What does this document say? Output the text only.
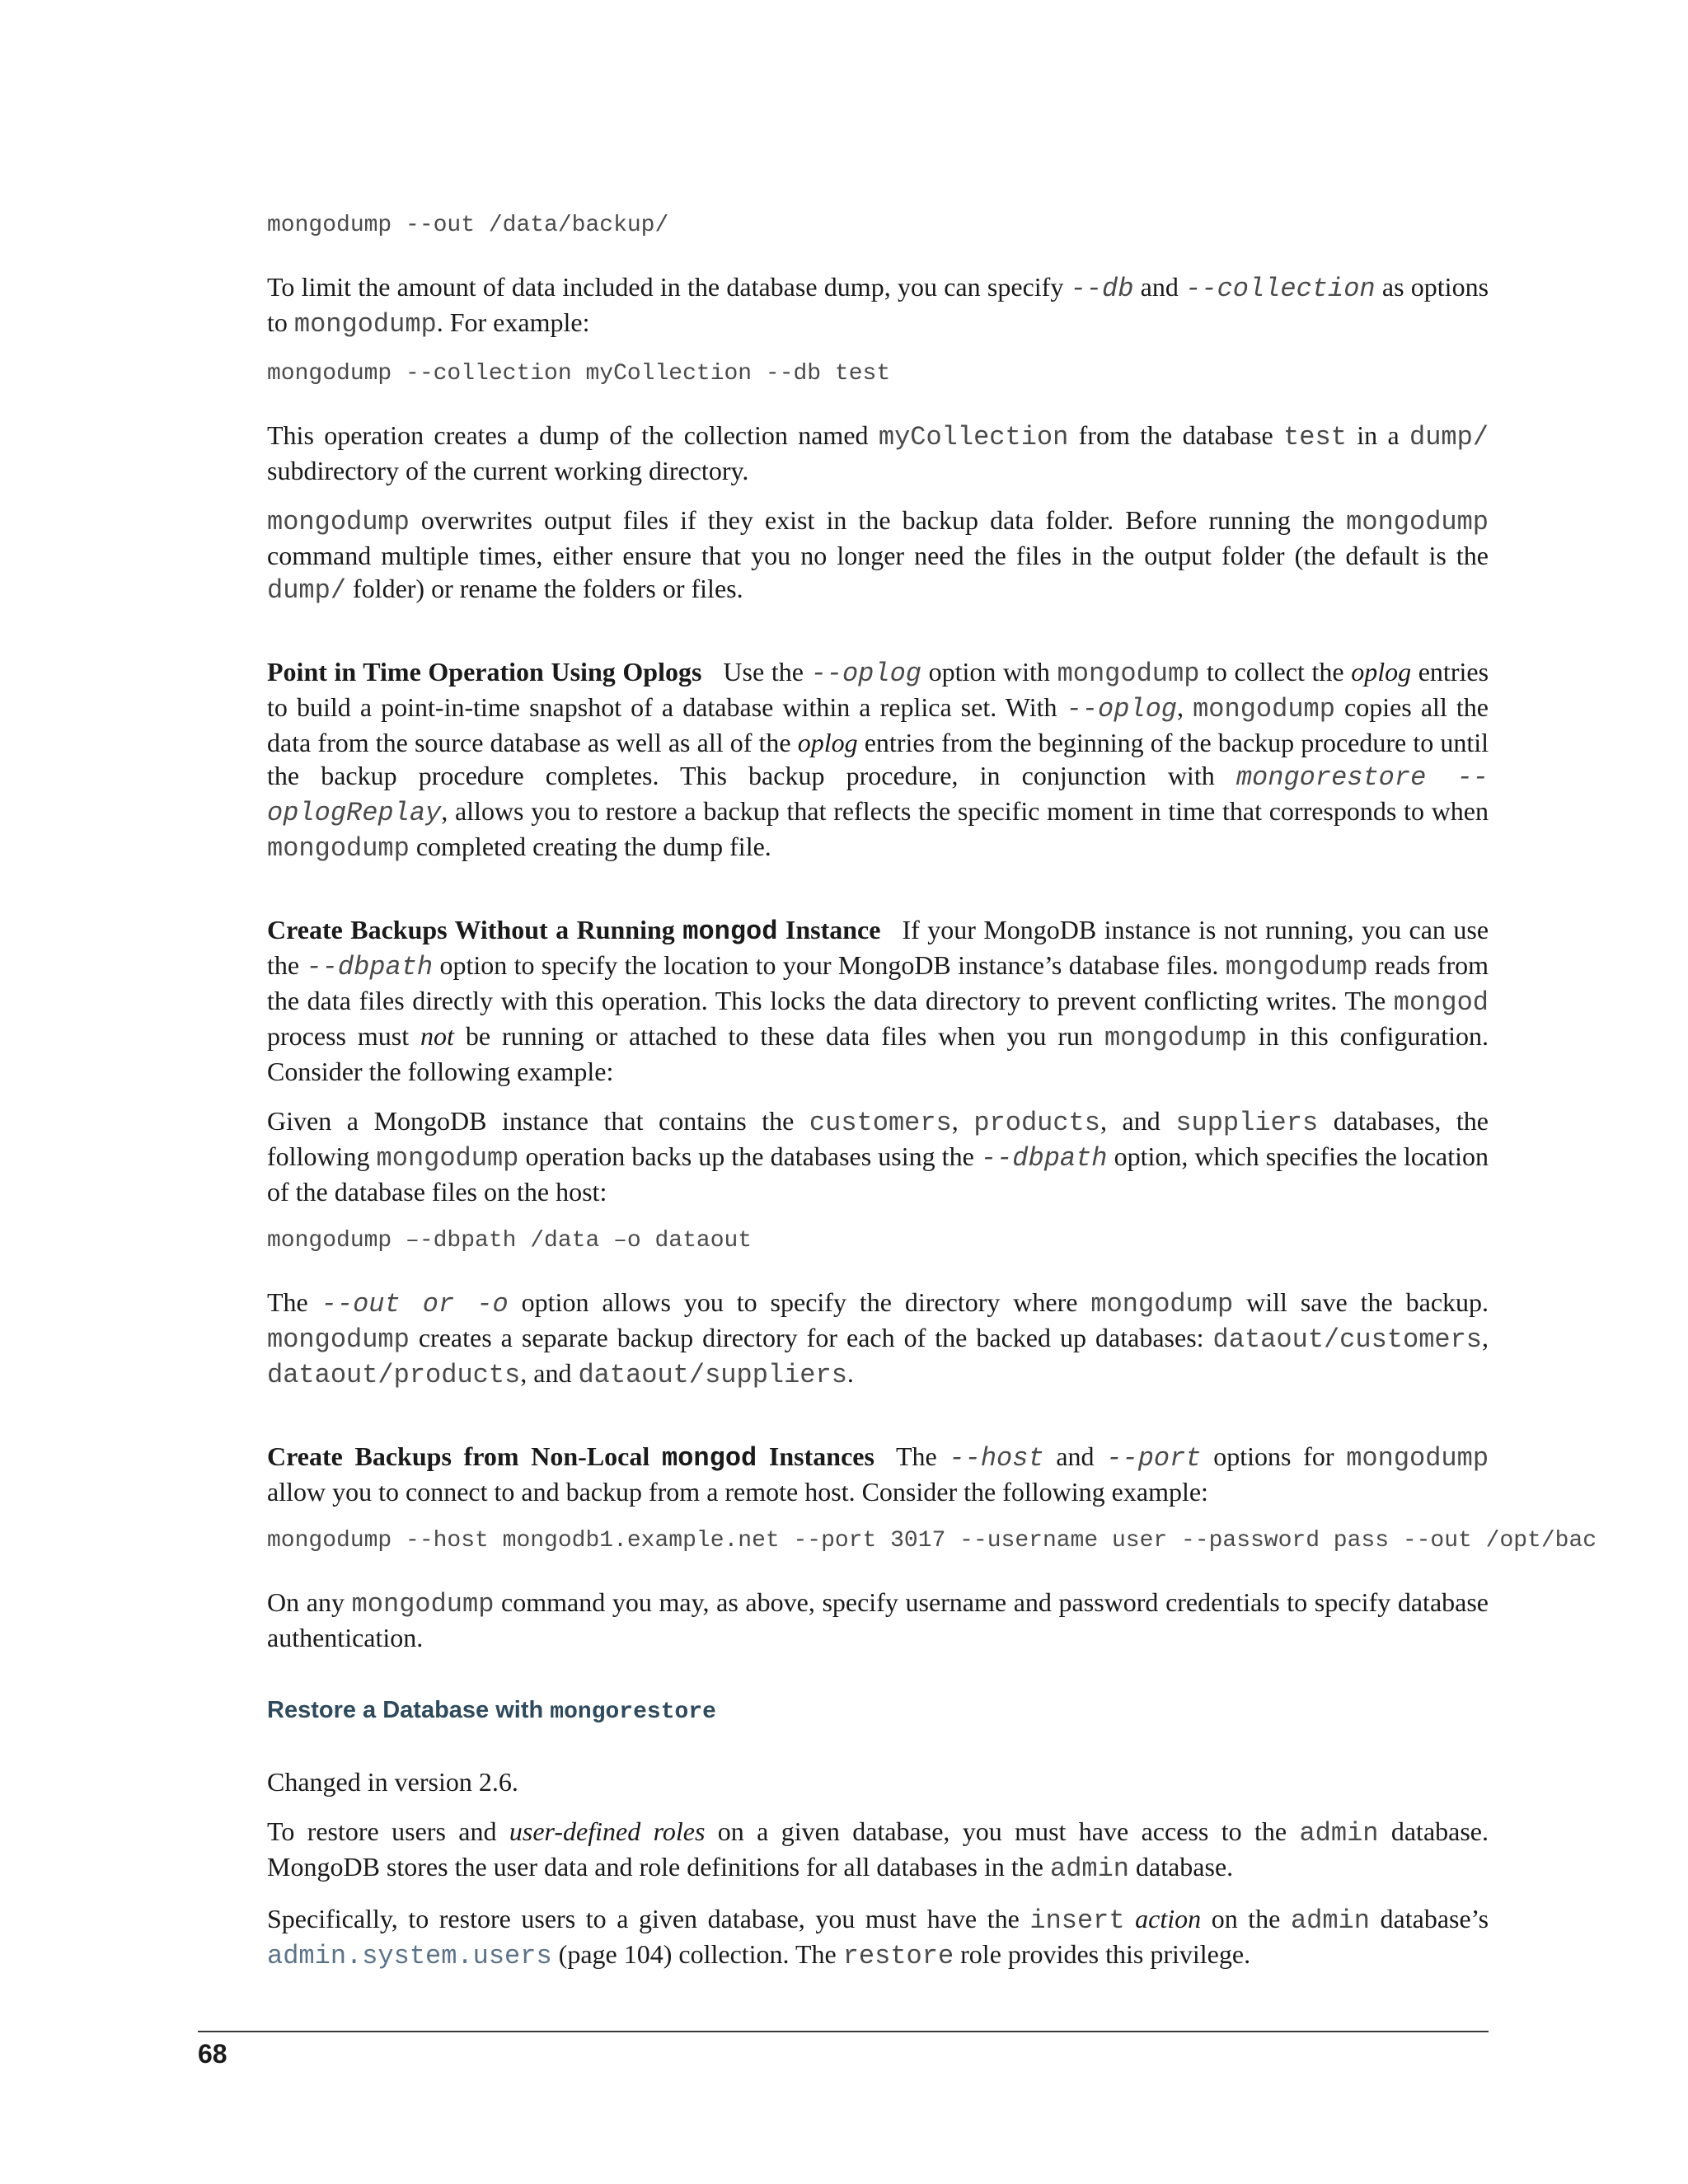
mongodump --out /data/backup/

To limit the amount of data included in the database dump, you can specify --db and --collection as options to mongodump. For example:

mongodump --collection myCollection --db test

This operation creates a dump of the collection named myCollection from the database test in a dump/ subdirectory of the current working directory.

mongodump overwrites output files if they exist in the backup data folder. Before running the mongodump command multiple times, either ensure that you no longer need the files in the output folder (the default is the dump/ folder) or rename the folders or files.

Point in Time Operation Using Oplogs Use the --oplog option with mongodump to collect the oplog entries to build a point-in-time snapshot of a database within a replica set. With --oplog, mongodump copies all the data from the source database as well as all of the oplog entries from the beginning of the backup procedure to until the backup procedure completes. This backup procedure, in conjunction with mongorestore --oplogReplay, allows you to restore a backup that reflects the specific moment in time that corresponds to when mongodump completed creating the dump file.

Create Backups Without a Running mongod Instance If your MongoDB instance is not running, you can use the --dbpath option to specify the location to your MongoDB instance’s database files. mongodump reads from the data files directly with this operation. This locks the data directory to prevent conflicting writes. The mongod process must not be running or attached to these data files when you run mongodump in this configuration. Consider the following example:

Given a MongoDB instance that contains the customers, products, and suppliers databases, the following mongodump operation backs up the databases using the --dbpath option, which specifies the location of the database files on the host:

mongodump –-dbpath /data –o dataout

The --out or -o option allows you to specify the directory where mongodump will save the backup. mongodump creates a separate backup directory for each of the backed up databases: dataout/customers, dataout/products, and dataout/suppliers.

Create Backups from Non-Local mongod Instances The --host and --port options for mongodump allow you to connect to and backup from a remote host. Consider the following example:

mongodump --host mongodb1.example.net --port 3017 --username user --password pass --out /opt/bac

On any mongodump command you may, as above, specify username and password credentials to specify database authentication.

Restore a Database with mongorestore

Changed in version 2.6.

To restore users and user-defined roles on a given database, you must have access to the admin database. MongoDB stores the user data and role definitions for all databases in the admin database.

Specifically, to restore users to a given database, you must have the insert action on the admin database’s admin.system.users (page 104) collection. The restore role provides this privilege.

68
